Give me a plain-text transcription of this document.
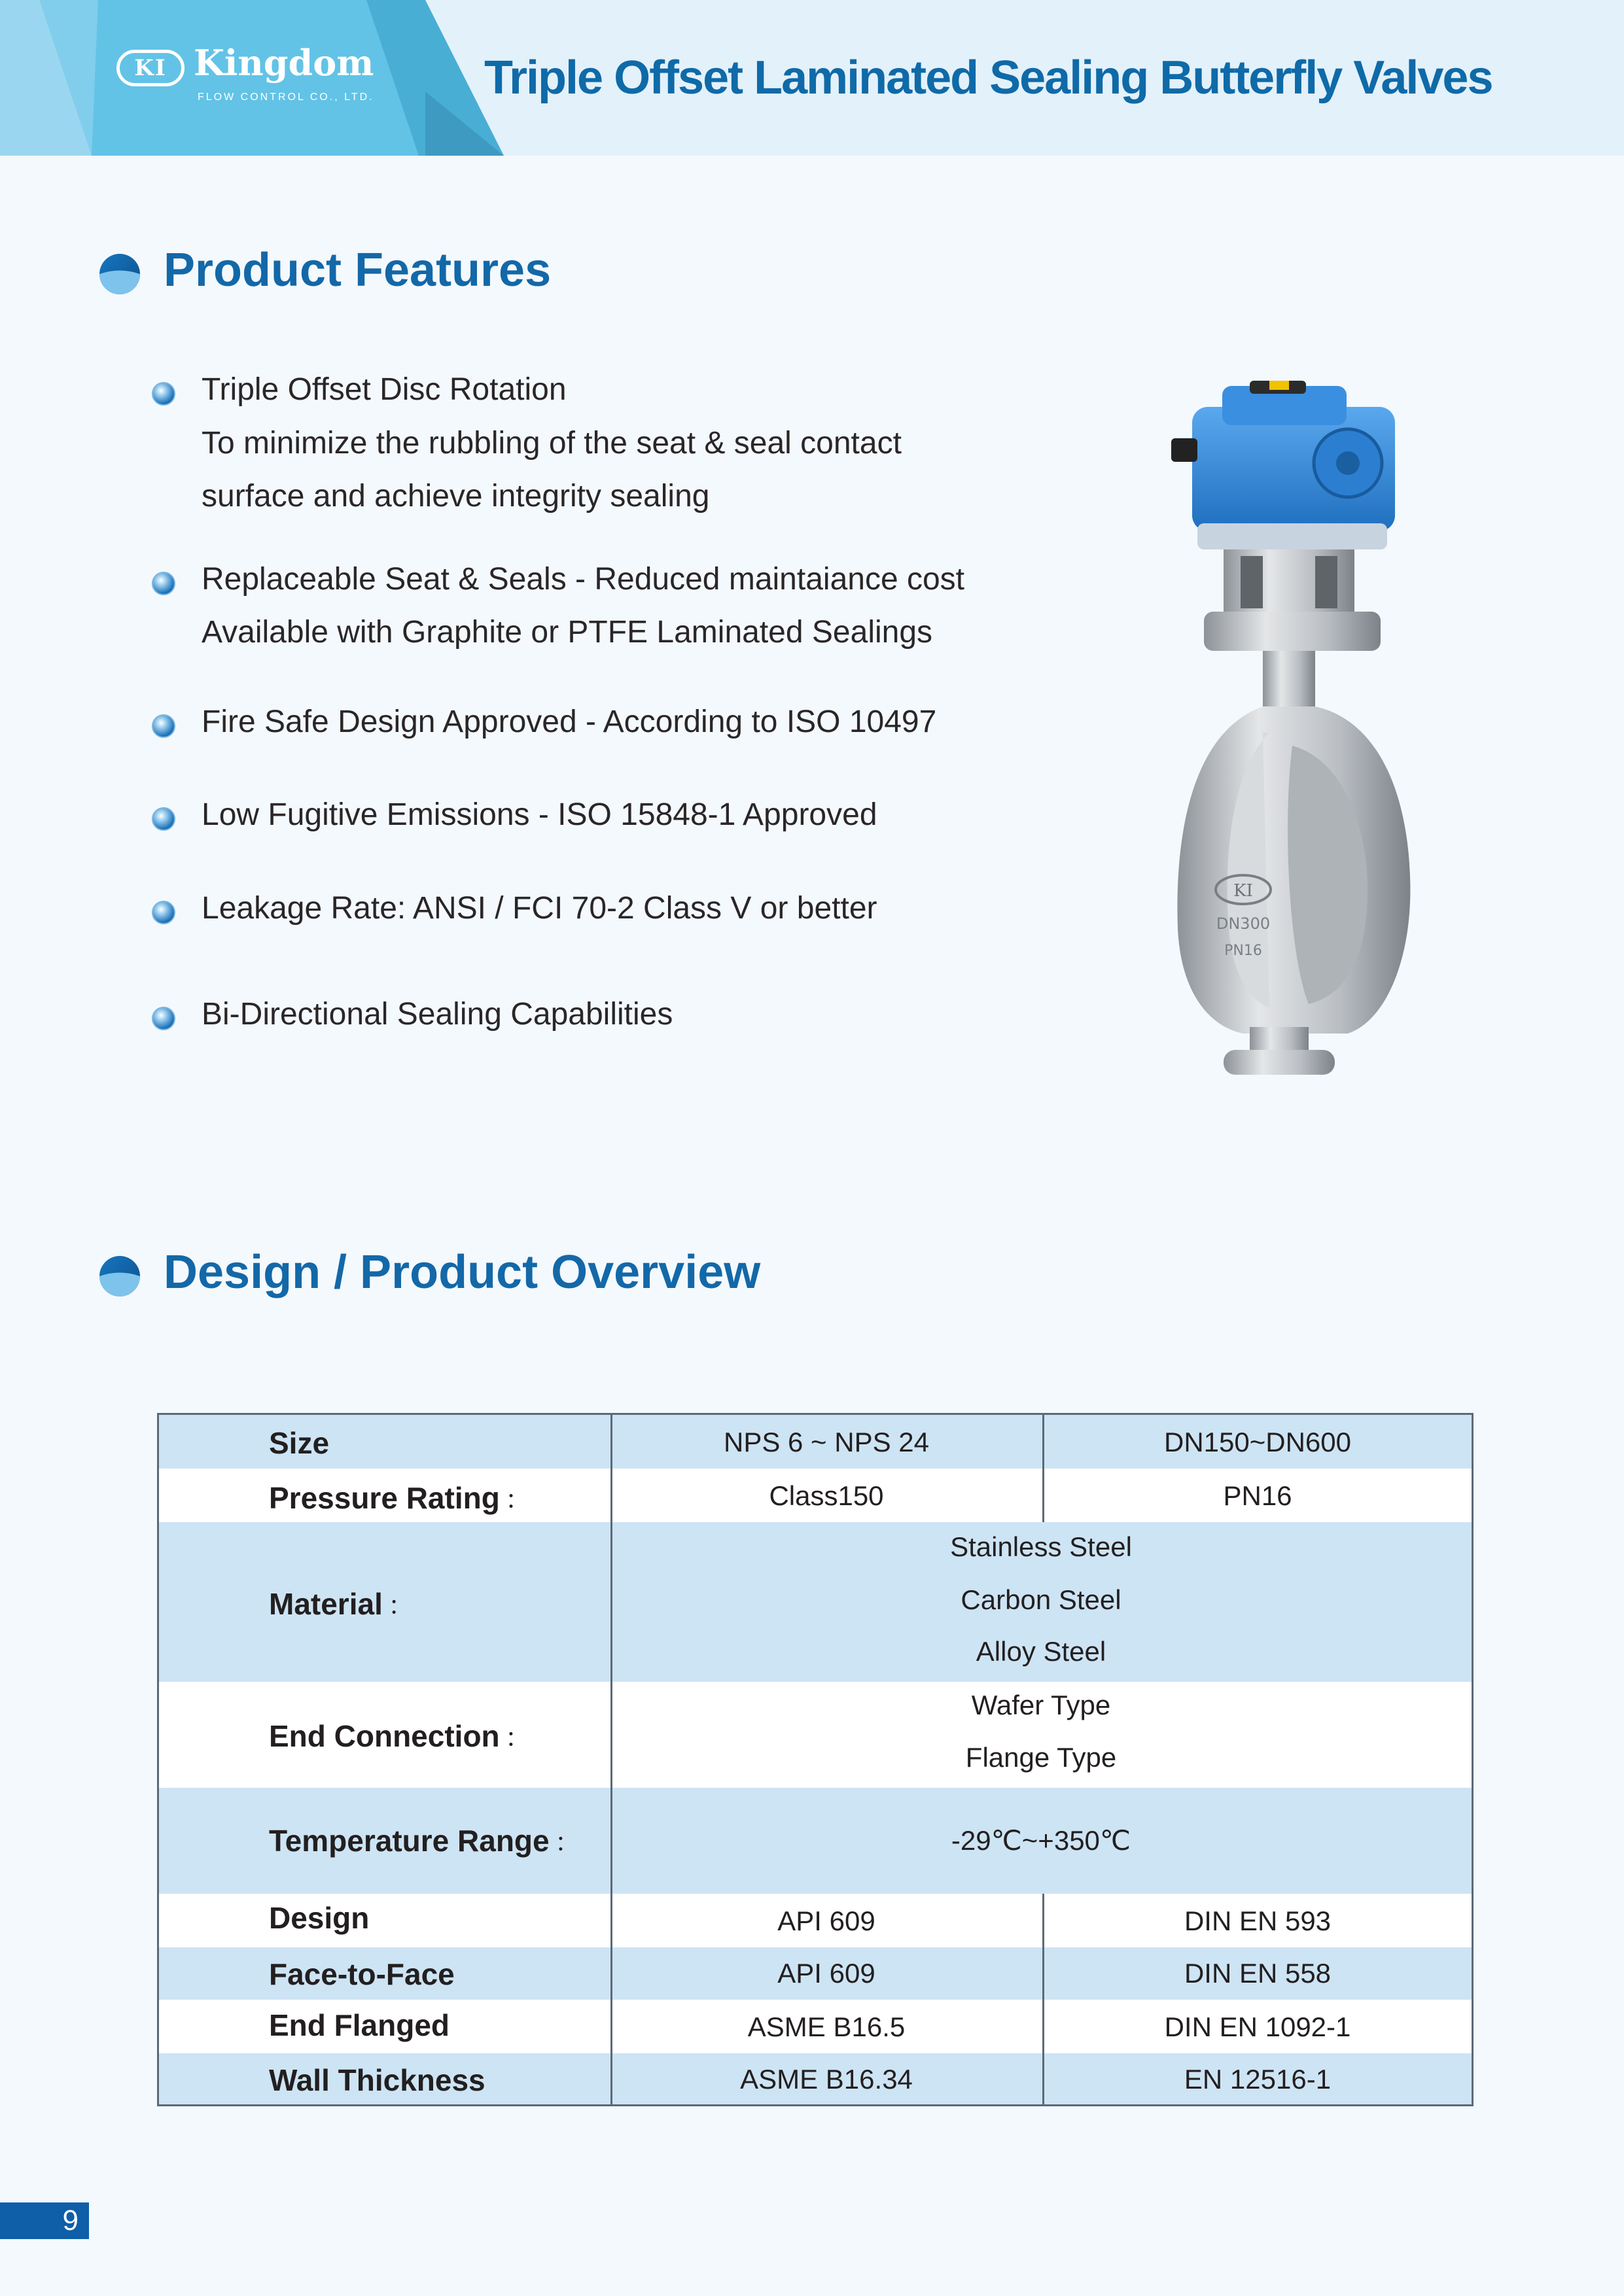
KI Kingdom
FLOW CONTROL CO., LTD. Triple Offset Laminated Sealing Butterfly Valves
Product Features
Triple Offset Disc Rotation
To minimize the rubbling of the seat & seal contact
surface and achieve integrity sealing
Replaceable Seat & Seals - Reduced maintaiance cost
Available with Graphite or PTFE Laminated Sealings
Fire Safe Design Approved - According to ISO 10497
Low Fugitive Emissions - ISO 15848-1 Approved
Leakage Rate: ANSI / FCI 70-2 Class V or better
Bi-Directional Sealing Capabilities
KI
DN300
PN16
Design / Product Overview
Size	NPS 6 ~ NPS 24	DN150~DN600
Pressure Rating ：	Class150	PN16
Material ：
Stainless Steel
Carbon Steel
Alloy Steel
End Connection ：
Wafer Type
Flange Type
Temperature Range ：	-29℃~+350℃
Design	API 609	DIN EN 593
Face-to-Face	API 609	DIN EN 558
End Flanged	ASME B16.5	DIN EN 1092-1
Wall Thickness	ASME B16.34	EN 12516-1
9
